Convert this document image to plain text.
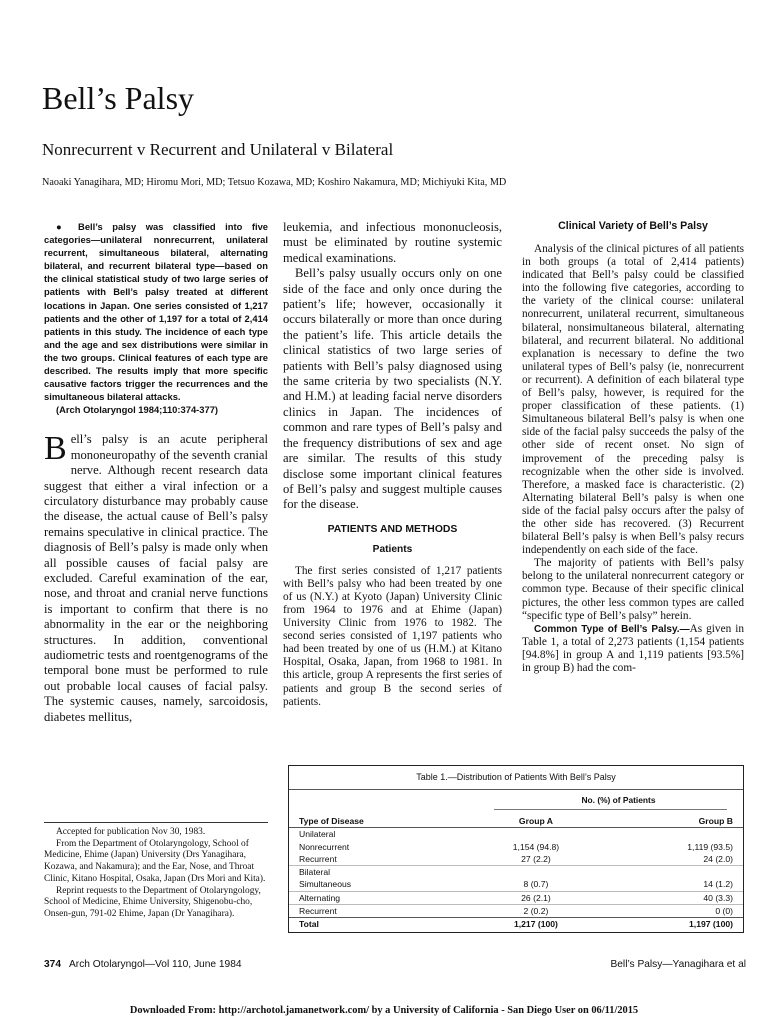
Bell’s Palsy
Nonrecurrent v Recurrent and Unilateral v Bilateral

Naoaki Yanagihara, MD; Hiromu Mori, MD; Tetsuo Kozawa, MD; Koshiro Nakamura, MD; Michiyuki Kita, MD

● Bell’s palsy was classified into five categories—unilateral nonrecurrent, unilateral recurrent, simultaneous bilateral, alternating bilateral, and recurrent bilateral type—based on the clinical statistical study of two large series of patients with Bell’s palsy treated at different locations in Japan. One series consisted of 1,217 patients and the other of 1,197 for a total of 2,414 patients in this study. The incidence of each type and the age and sex distributions were similar in the two groups. Clinical features of each type are described. The results imply that more specific causative factors trigger the recurrences and the simultaneous bilateral attacks.

(Arch Otolaryngol 1984;110:374-377)

Bell’s palsy is an acute peripheral mononeuropathy of the seventh cranial nerve. Although recent research data suggest that either a viral infection or a circulatory disturbance may probably cause the disease, the actual cause of Bell’s palsy remains speculative in clinical practice. The diagnosis of Bell’s palsy is made only when all possible causes of facial palsy are excluded. Careful examination of the ear, nose, and throat and cranial nerve functions is important to confirm that there is no abnormality in the ear or the neighboring structures. In addition, conventional audiometric tests and roentgenograms of the temporal bone must be performed to rule out probable local causes of facial palsy. The systemic causes, namely, sarcoidosis, diabetes mellitus,

Accepted for publication Nov 30, 1983.

From the Department of Otolaryngology, School of Medicine, Ehime (Japan) University (Drs Yanagihara, Kozawa, and Nakamura); and the Ear, Nose, and Throat Clinic, Kitano Hospital, Osaka, Japan (Drs Mori and Kita).

Reprint requests to the Department of Otolaryngology, School of Medicine, Ehime University, Shigenobu-cho, Onsen-gun, 791-02 Ehime, Japan (Dr Yanagihara).

leukemia, and infectious mononucleosis, must be eliminated by routine systemic medical examinations.

Bell’s palsy usually occurs only on one side of the face and only once during the patient’s life; however, occasionally it occurs bilaterally or more than once during the patient’s life. This article details the clinical statistics of two large series of patients with Bell’s palsy diagnosed using the same criteria by two specialists (N.Y. and H.M.) at leading facial nerve disorders clinics in Japan. The incidences of common and rare types of Bell’s palsy and the frequency distributions of sex and age are similar. The results of this study disclose some important clinical features of Bell’s palsy and suggest multiple causes for the disease.

PATIENTS AND METHODS
Patients

The first series consisted of 1,217 patients with Bell’s palsy who had been treated by one of us (N.Y.) at Kyoto (Japan) University Clinic from 1964 to 1976 and at Ehime (Japan) University Clinic from 1976 to 1982. The second series consisted of 1,197 patients who had been treated by one of us (H.M.) at Kitano Hospital, Osaka, Japan, from 1968 to 1981. In this article, group A represents the first series of patients and group B the second series of patients.

Clinical Variety of Bell’s Palsy

Analysis of the clinical pictures of all patients in both groups (a total of 2,414 patients) indicated that Bell’s palsy could be classified into the following five categories, according to the variety of the clinical course: unilateral nonrecurrent, unilateral recurrent, simultaneous bilateral, nonsimultaneous bilateral, alternating bilateral, and recurrent bilateral. No additional explanation is necessary to define the two unilateral types of Bell’s palsy (ie, nonrecurrent or recurrent). A definition of each bilateral type of Bell’s palsy, however, is required for the proper classification of these patients. (1) Simultaneous bilateral Bell’s palsy is when one side of the facial palsy succeeds the palsy of the other side of recent onset. No sign of improvement of the preceding palsy is recognizable when the other side is involved. Therefore, a masked face is characteristic. (2) Alternating bilateral Bell’s palsy is when one side of the facial palsy occurs after the palsy of the other side has recovered. (3) Recurrent bilateral Bell’s palsy is when Bell’s palsy recurs independently on each side of the face.

The majority of patients with Bell’s palsy belong to the unilateral nonrecurrent category or common type. Because of their specific clinical pictures, the other less common types are called “specific type of Bell’s palsy” herein.

Common Type of Bell’s Palsy.—As given in Table 1, a total of 2,273 patients (1,154 patients [94.8%] in group A and 1,119 patients [93.5%] in group B) had the com-

Table 1.—Distribution of Patients With Bell’s Palsy

No. (%) of Patients
Type of Disease	Group A	Group B
Unilateral		
Nonrecurrent	1,154 (94.8)	1,119 (93.5)
Recurrent	27 (2.2)	24 (2.0)
Bilateral		
Simultaneous	8 (0.7)	14 (1.2)
Alternating	26 (2.1)	40 (3.3)
Recurrent	2 (0.2)	0 (0)
Total	1,217 (100)	1,197 (100)

374 Arch Otolaryngol—Vol 110, June 1984	Bell’s Palsy—Yanagihara et al

Downloaded From: http://archotol.jamanetwork.com/ by a University of California - San Diego User on 06/11/2015
